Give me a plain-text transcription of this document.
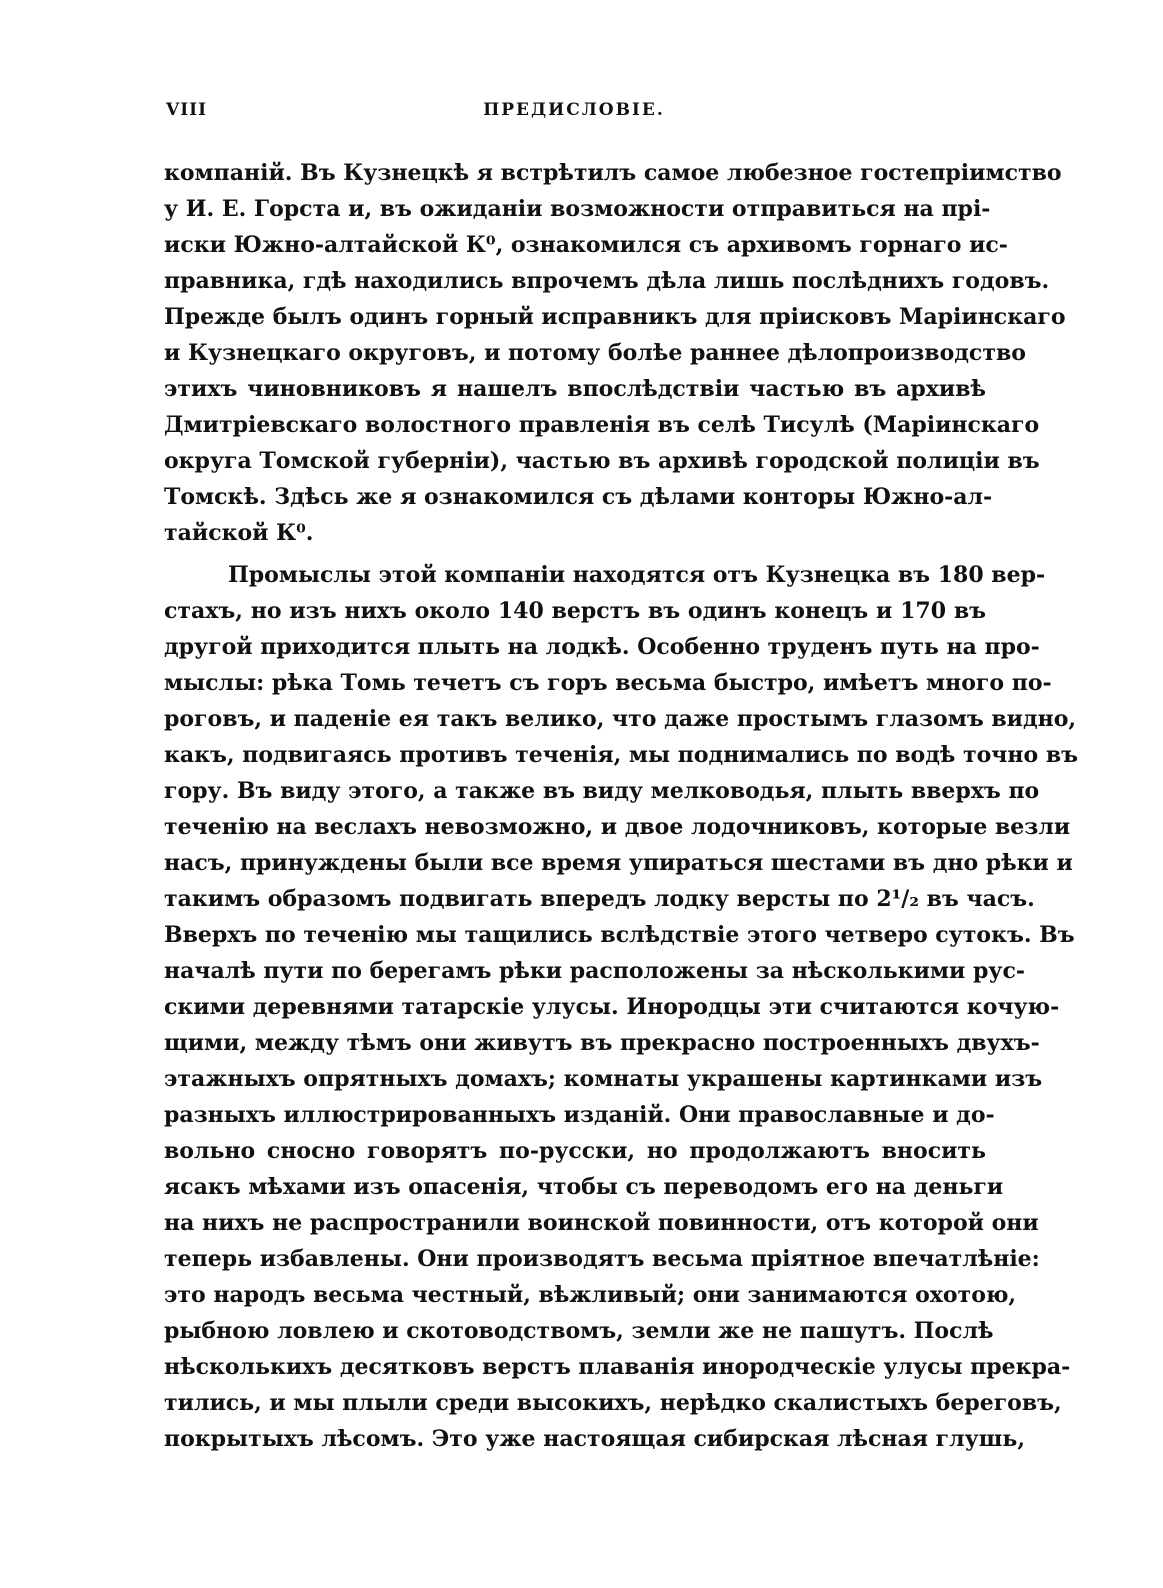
VIII	ПРЕДИСЛОВІЕ.
компаній. Въ Кузнецкѣ я встрѣтилъ самое любезное гостепріимство
у И. Е. Горста и, въ ожиданіи возможности отправиться на прі-
иски Южно-алтайской К⁰, ознакомился съ архивомъ горнаго ис-
правника, гдѣ находились впрочемъ дѣла лишь послѣднихъ годовъ.
Прежде былъ одинъ горный исправникъ для пріисковъ Маріинскаго
и Кузнецкаго округовъ, и потому болѣе раннее дѣлопроизводство
этихъ чиновниковъ я нашелъ впослѣдствіи частью въ архивѣ
Дмитріевскаго волостного правленія въ селѣ Тисулѣ (Маріинскаго
округа Томской губерніи), частью въ архивѣ городской полиціи въ
Томскѣ. Здѣсь же я ознакомился съ дѣлами конторы Южно-ал-
тайской К⁰.
Промыслы этой компаніи находятся отъ Кузнецка въ 180 вер-
стахъ, но изъ нихъ около 140 верстъ въ одинъ конецъ и 170 въ
другой приходится плыть на лодкѣ. Особенно труденъ путь на про-
мыслы: рѣка Томь течетъ съ горъ весьма быстро, имѣетъ много по-
роговъ, и паденіе ея такъ велико, что даже простымъ глазомъ видно,
какъ, подвигаясь противъ теченія, мы поднимались по водѣ точно въ
гору. Въ виду этого, а также въ виду мелководья, плыть вверхъ по
теченію на веслахъ невозможно, и двое лодочниковъ, которые везли
насъ, принуждены были все время упираться шестами въ дно рѣки и
такимъ образомъ подвигать впередъ лодку версты по 2¹/₂ въ часъ.
Вверхъ по теченію мы тащились вслѣдствіе этого четверо сутокъ. Въ
началѣ пути по берегамъ рѣки расположены за нѣсколькими рус-
скими деревнями татарскіе улусы. Инородцы эти считаются кочую-
щими, между тѣмъ они живутъ въ прекрасно построенныхъ двухъ-
этажныхъ опрятныхъ домахъ; комнаты украшены картинками изъ
разныхъ иллюстрированныхъ изданій. Они православные и до-
вольно сносно говорятъ по-русски, но продолжаютъ вносить
ясакъ мѣхами изъ опасенія, чтобы съ переводомъ его на деньги
на нихъ не распространили воинской повинности, отъ которой они
теперь избавлены. Они производятъ весьма пріятное впечатлѣніе:
это народъ весьма честный, вѣжливый; они занимаются охотою,
рыбною ловлею и скотоводствомъ, земли же не пашутъ. Послѣ
нѣсколькихъ десятковъ верстъ плаванія инородческіе улусы прекра-
тились, и мы плыли среди высокихъ, нерѣдко скалистыхъ береговъ,
покрытыхъ лѣсомъ. Это уже настоящая сибирская лѣсная глушь,
